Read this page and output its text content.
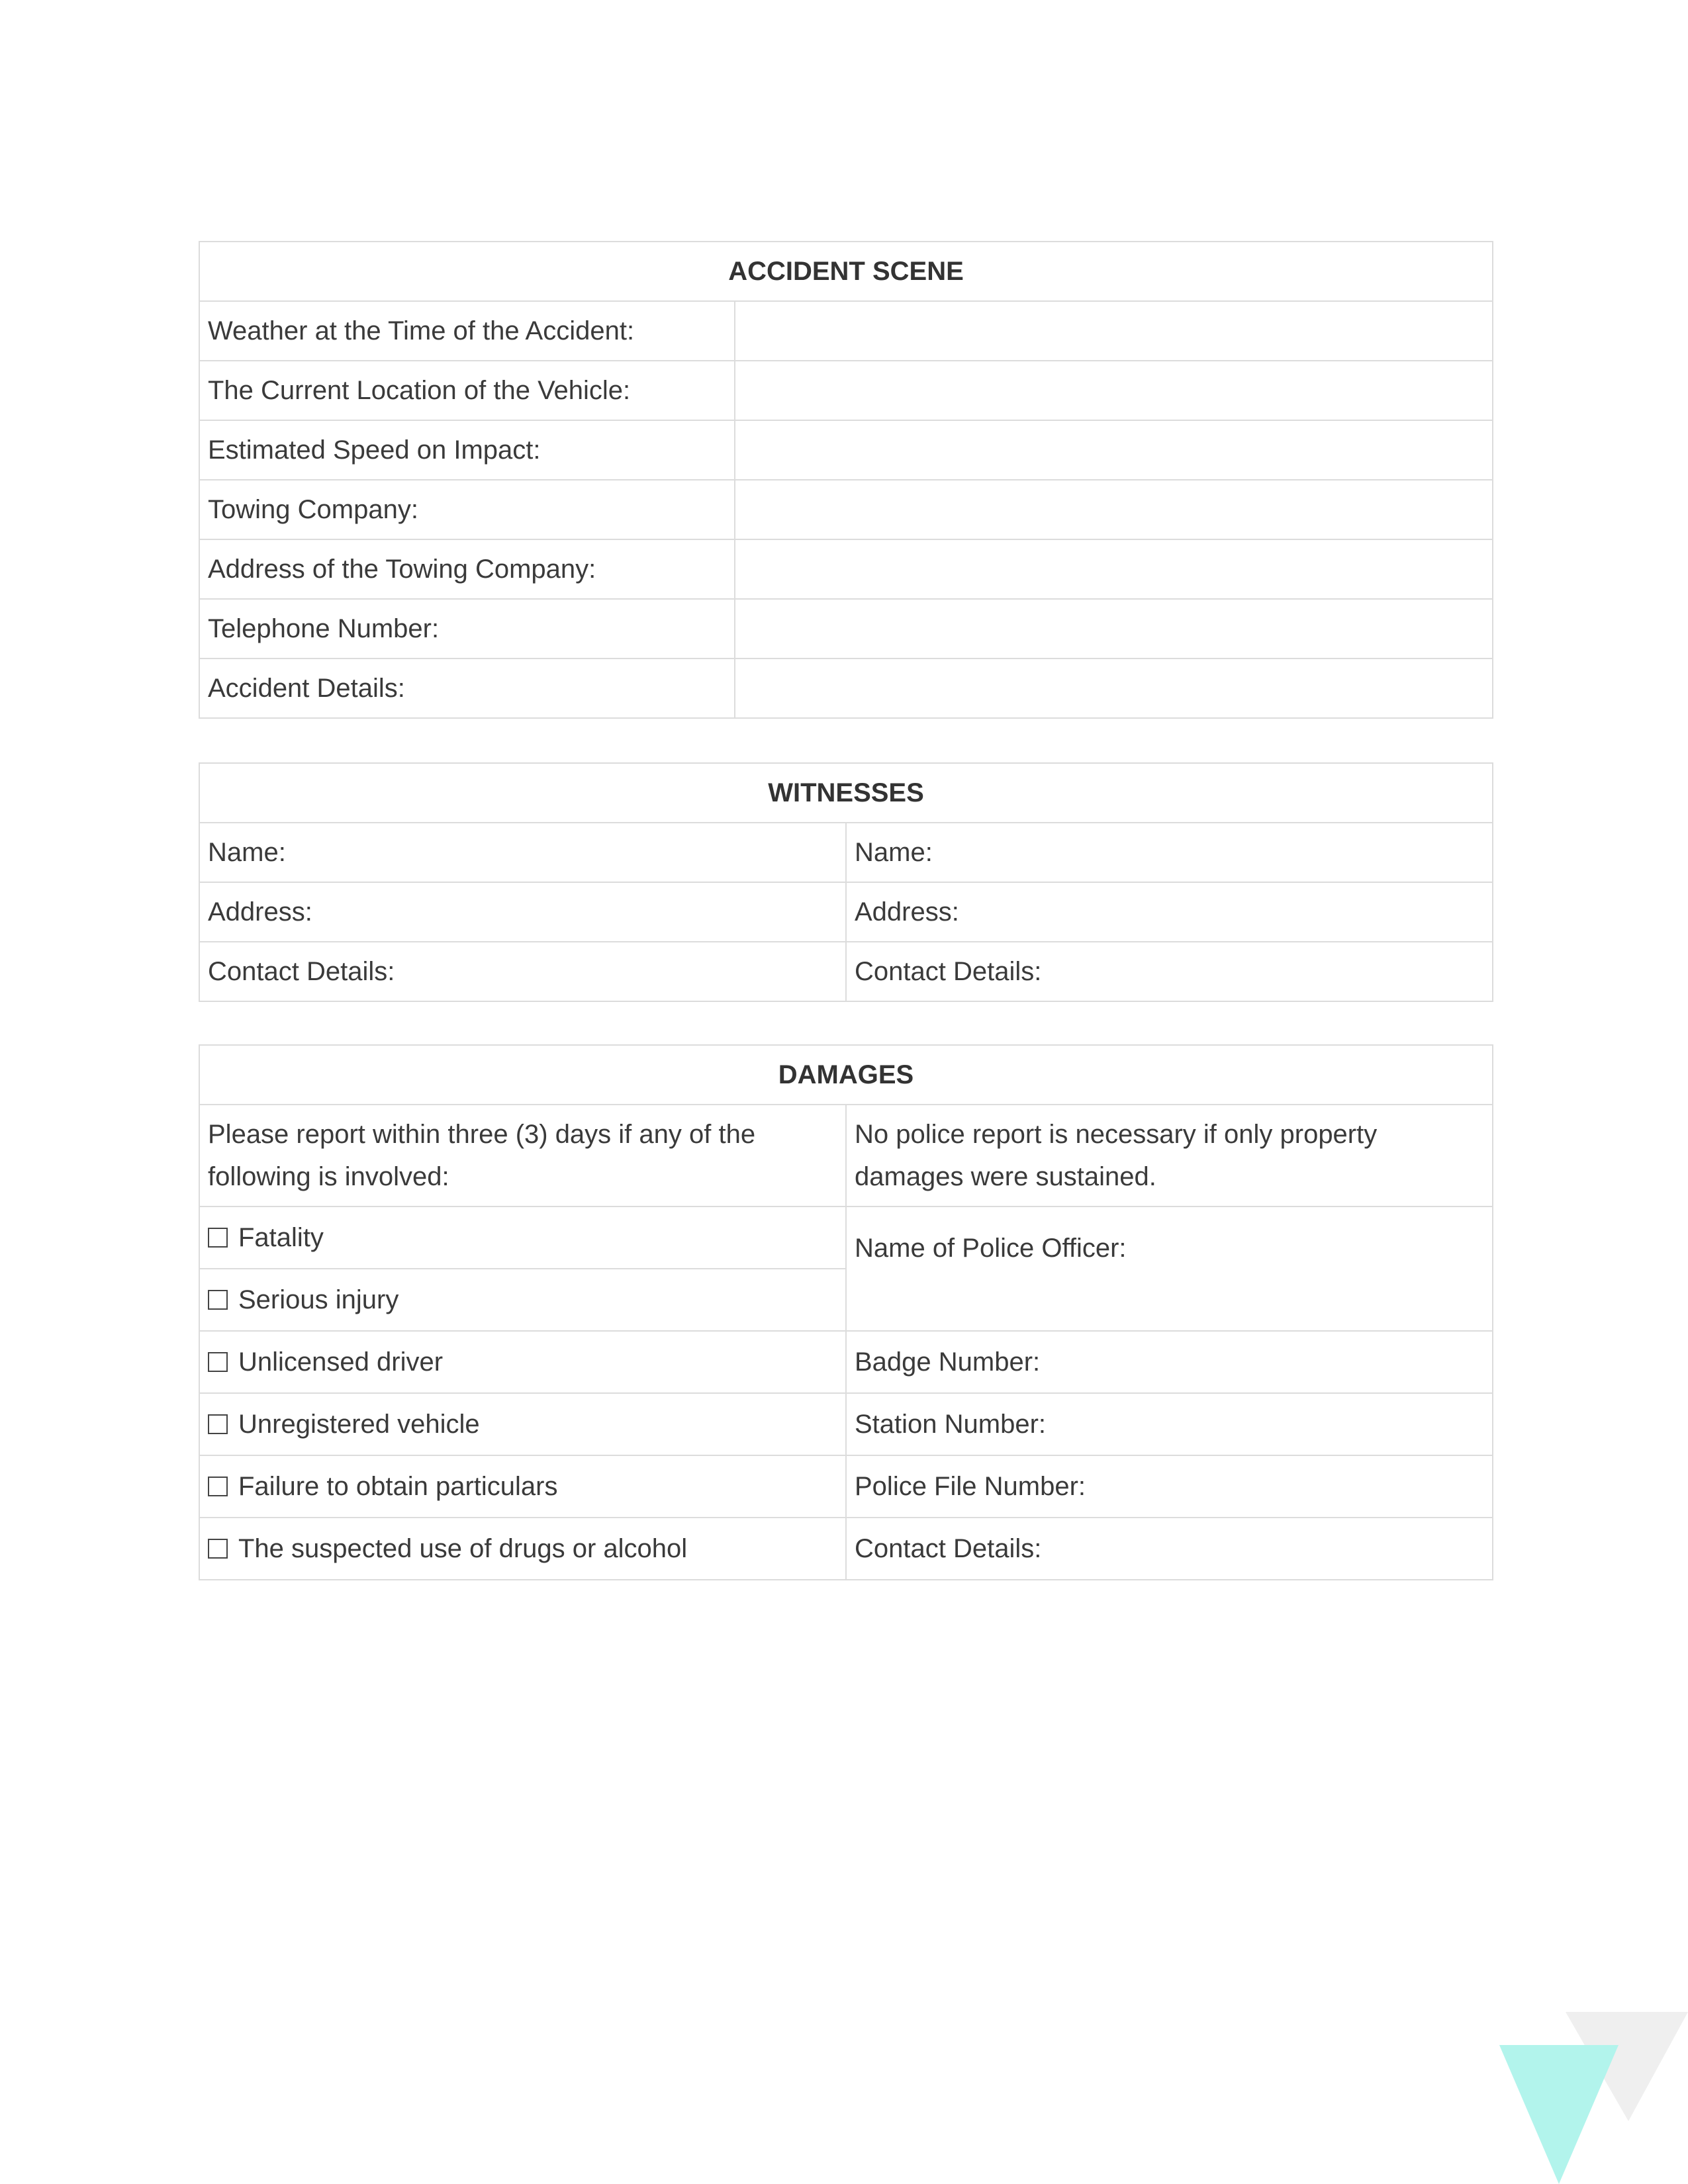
ACCIDENT SCENE	
Weather at the Time of the Accident:	
The Current Location of the Vehicle:	
Estimated Speed on Impact:	
Towing Company:	
Address of the Towing Company:	
Telephone Number:	
Accident Details:	
WITNESSES	
Name:	Name:
Address:	Address:
Contact Details:	Contact Details:
DAMAGES	
Please report within three (3) days if any of the following is involved:	No police report is necessary if only property damages were sustained.
Fatality	Name of Police Officer:
Serious injury	
Unlicensed driver	Badge Number:
Unregistered vehicle	Station Number:
Failure to obtain particulars	Police File Number:
The suspected use of drugs or alcohol	Contact Details:
